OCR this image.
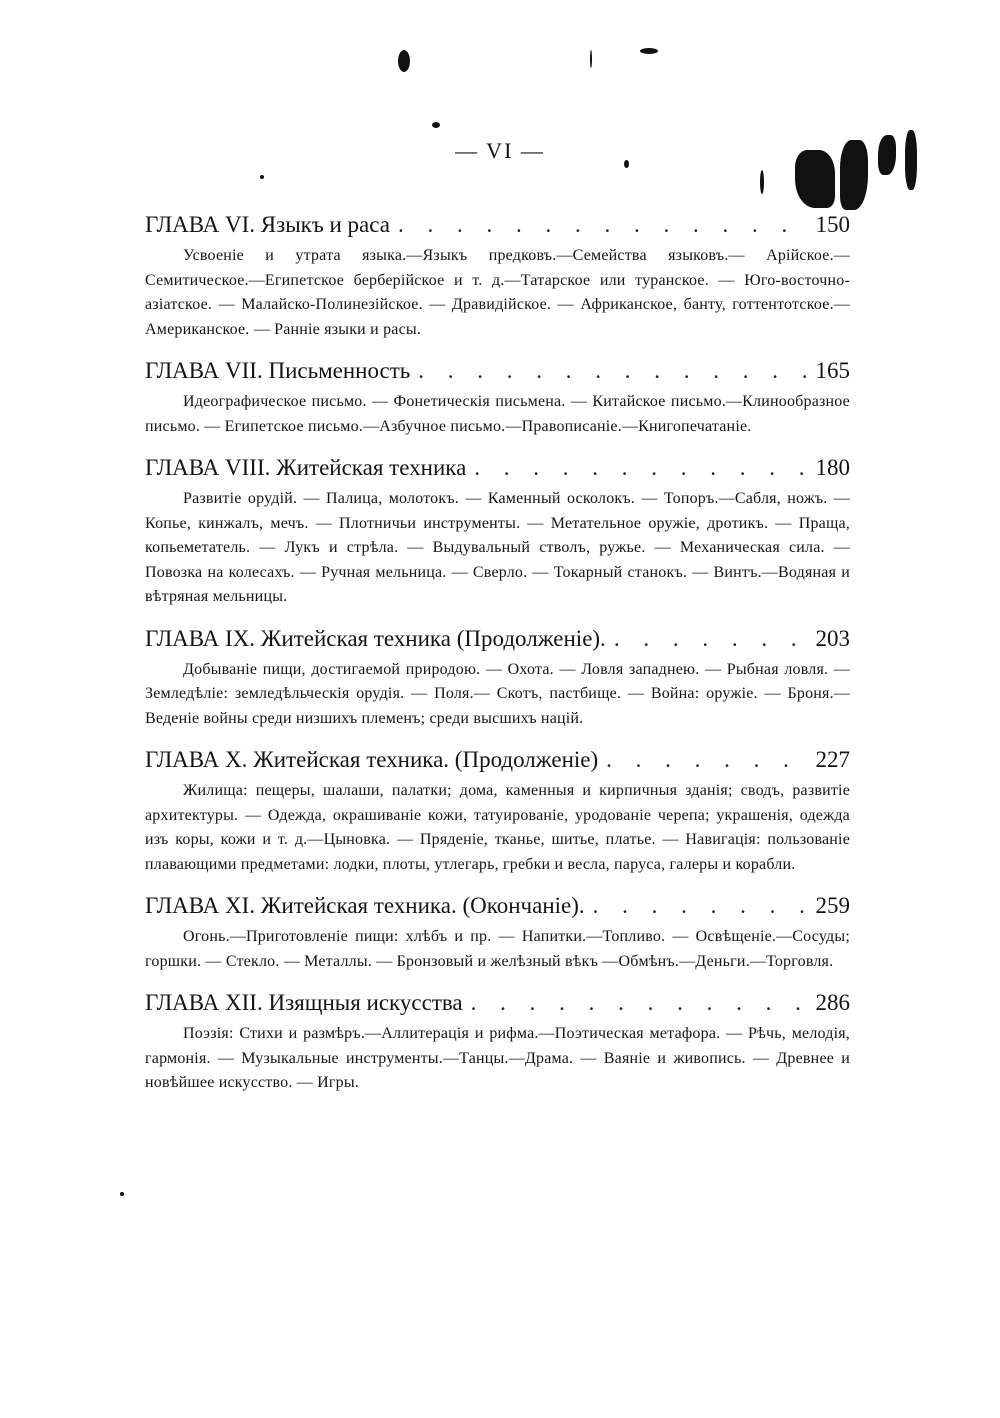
— VI —
ГЛАВА VI. Языкъ и раса . . .	150

Усвоеніе и утрата языка.—Языкъ предковъ.—Семейства языковъ.— Арійское.—Семитическое.—Египетское берберійское и т. д.—Татарское или туранское. — Юго-восточно-азіатское. — Малайско-Полинезійское. — Дравидійское. — Африканское, банту, готтентотское.—Американское. — Ранніе языки и расы.

ГЛАВА VII. Письменность . . .	165

Идеографическое письмо. — Фонетическія письмена. — Китайское письмо.—Клинообразное письмо. — Египетское письмо.—Азбучное письмо.—Правописаніе.—Книгопечатаніе.

ГЛАВА VIII. Житейская техника . . .	180

Развитіе орудій. — Палица, молотокъ. — Каменный осколокъ. — Топоръ.—Сабля, ножъ. — Копье, кинжалъ, мечъ. — Плотничьи инструменты. — Метательное оружіе, дротикъ. — Праща, копьеметатель. — Лукъ и стрѣла. — Выдувальный стволъ, ружье. — Механическая сила. — Повозка на колесахъ. — Ручная мельница. — Сверло. — Токарный станокъ. — Винтъ.—Водяная и вѣтряная мельницы.

ГЛАВА IX. Житейская техника (Продолженіе). . . .	203

Добываніе пищи, достигаемой природою. — Охота. — Ловля западнею. — Рыбная ловля. — Земледѣліе: земледѣльческія орудія. — Поля.— Скотъ, пастбище. — Война: оружіе. — Броня.—Веденіе войны среди низшихъ племенъ; среди высшихъ націй.

ГЛАВА X. Житейская техника. (Продолженіе) . . .	227

Жилища: пещеры, шалаши, палатки; дома, каменныя и кирпичныя зданія; сводъ, развитіе архитектуры. — Одежда, окрашиваніе кожи, татуированіе, уродованіе черепа; украшенія, одежда изъ коры, кожи и т. д.—Цыновка. — Пряденіе, тканье, шитье, платье. — Навигація: пользованіе плавающими предметами: лодки, плоты, утлегарь, гребки и весла, паруса, галеры и корабли.

ГЛАВА XI. Житейская техника. (Окончаніе). . . .	259

Огонь.—Приготовленіе пищи: хлѣбъ и пр. — Напитки.—Топливо. — Освѣщеніе.—Сосуды; горшки. — Стекло. — Металлы. — Бронзовый и желѣзный вѣкъ —Обмѣнъ.—Деньги.—Торговля.

ГЛАВА XII. Изящныя искусства . . .	286

Поэзія: Стихи и размѣръ.—Аллитерація и рифма.—Поэтическая метафора. — Рѣчь, мелодія, гармонія. — Музыкальные инструменты.—Танцы.—Драма. — Ваяніе и живопись. — Древнее и новѣйшее искусство. — Игры.
